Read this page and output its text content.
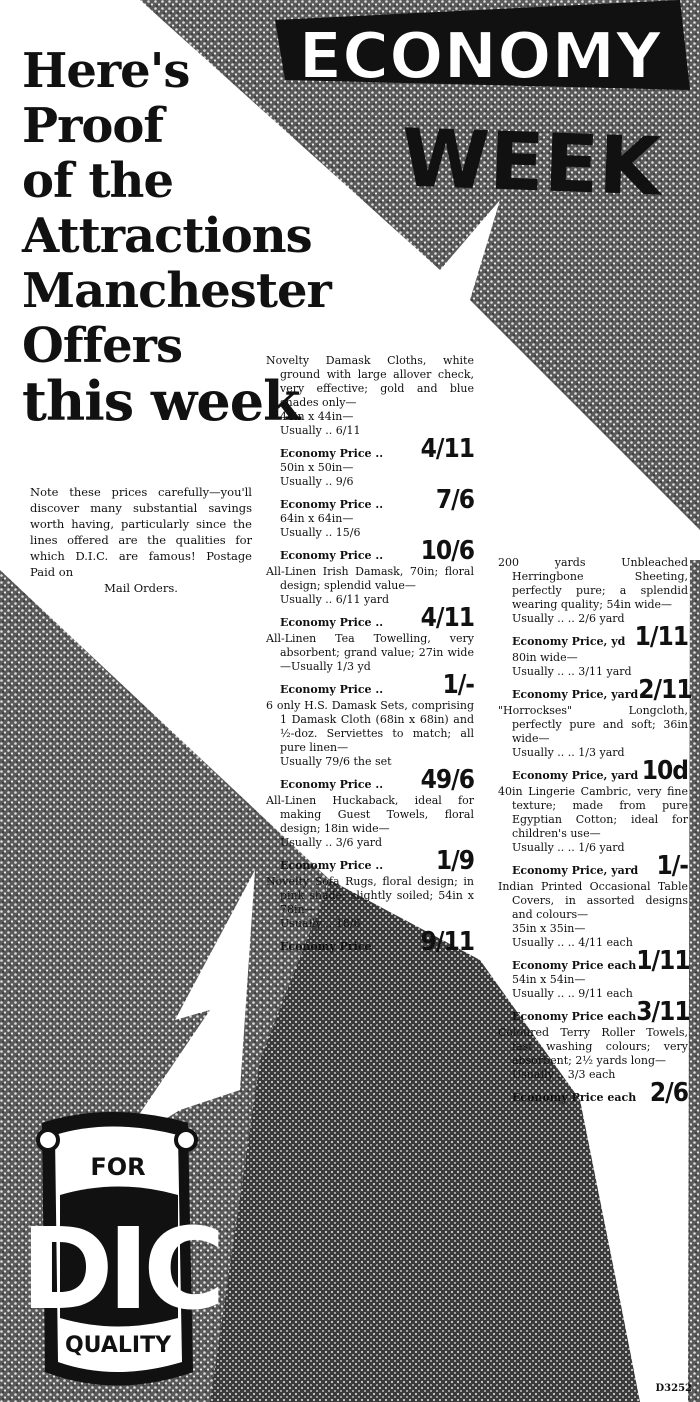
FOR
DIC
QUALITY
ECONOMY
WEEK
Here's
Proof
of the
Attractions
Manchester
Offers
this week
Note these prices carefully—you'll discover many substantial savings worth having, particularly since the lines offered are the qualities for which D.I.C. are famous! Postage Paid on
Mail Orders.
Novelty Damask Cloths, white ground with large allover check, very effective; gold and blue shades only—
44in x 44in—
Usually .. 6/11
Economy Price .. 4/11
50in x 50in—
Usually .. 9/6
Economy Price .. 7/6
64in x 64in—
Usually .. 15/6
Economy Price .. 10/6
All-Linen Irish Damask, 70in; floral design; splendid value—
Usually .. 6/11 yard
Economy Price .. 4/11
All-Linen Tea Towelling, very absorbent; grand value; 27in wide—Usually 1/3 yd
Economy Price .. 1/-
6 only H.S. Damask Sets, comprising 1 Damask Cloth (68in x 68in) and ½-doz. Serviettes to match; all pure linen—
Usually 79/6 the set
Economy Price .. 49/6
All-Linen Huckaback, ideal for making Guest Towels, floral design; 18in wide—
Usually .. 3/6 yard
Economy Price .. 1/9
Novelty Sofa Rugs, floral design; in pink shade; slightly soiled; 54in x 78in—
Usually .. 18/6
Economy Price 9/11
200 yards Unbleached Herringbone Sheeting, perfectly pure; a splendid wearing quality; 54in wide—
Usually .. .. 2/6 yard
Economy Price, yd 1/11
80in wide—
Usually .. .. 3/11 yard
Economy Price, yard 2/11
"Horrockses" Longcloth, perfectly pure and soft; 36in wide—
Usually .. .. 1/3 yard
Economy Price, yard 10d
40in Lingerie Cambric, very fine texture; made from pure Egyptian Cotton; ideal for children's use—
Usually .. .. 1/6 yard
Economy Price, yard 1/-
Indian Printed Occasional Table Covers, in assorted designs and colours—
35in x 35in—
Usually .. .. 4/11 each
Economy Price each 1/11
54in x 54in—
Usually .. .. 9/11 each
Economy Price each 3/11
Coloured Terry Roller Towels, fast washing colours; very absorbent; 2½ yards long—
Usually .. 3/3 each
Economy Price each 2/6
D3252
